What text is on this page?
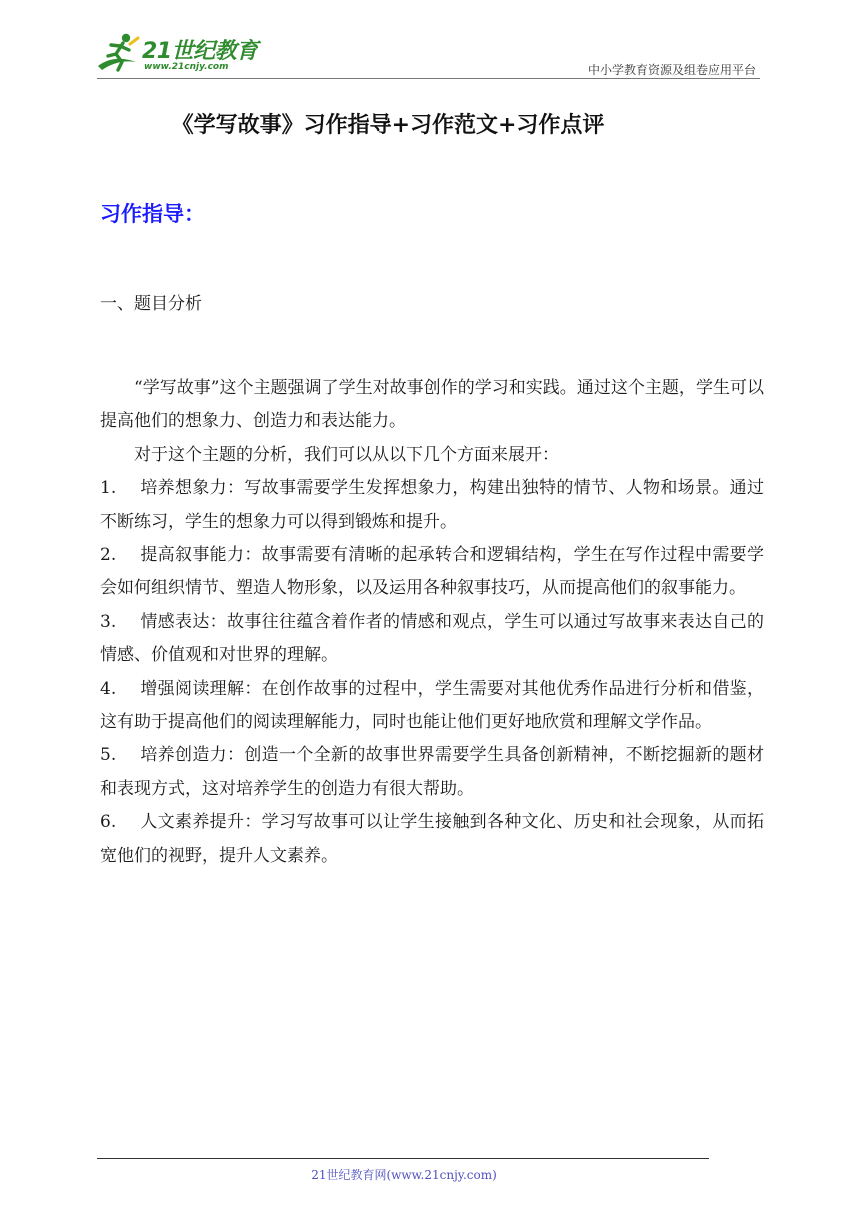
21世纪教育
www.21cnjy.com	中小学教育资源及组卷应用平台
《学写故事》习作指导+习作范文+习作点评
习作指导：
一、题目分析

“学写故事”这个主题强调了学生对故事创作的学习和实践。通过这个主题，学生可以提高他们的想象力、创造力和表达能力。

对于这个主题的分析，我们可以从以下几个方面来展开：

1. 培养想象力：写故事需要学生发挥想象力，构建出独特的情节、人物和场景。通过不断练习，学生的想象力可以得到锻炼和提升。

2. 提高叙事能力：故事需要有清晰的起承转合和逻辑结构，学生在写作过程中需要学会如何组织情节、塑造人物形象，以及运用各种叙事技巧，从而提高他们的叙事能力。

3. 情感表达：故事往往蕴含着作者的情感和观点，学生可以通过写故事来表达自己的情感、价值观和对世界的理解。

4. 增强阅读理解：在创作故事的过程中，学生需要对其他优秀作品进行分析和借鉴，这有助于提高他们的阅读理解能力，同时也能让他们更好地欣赏和理解文学作品。

5. 培养创造力：创造一个全新的故事世界需要学生具备创新精神，不断挖掘新的题材和表现方式，这对培养学生的创造力有很大帮助。

6. 人文素养提升：学习写故事可以让学生接触到各种文化、历史和社会现象，从而拓宽他们的视野，提升人文素养。

21世纪教育网(www.21cnjy.com)
